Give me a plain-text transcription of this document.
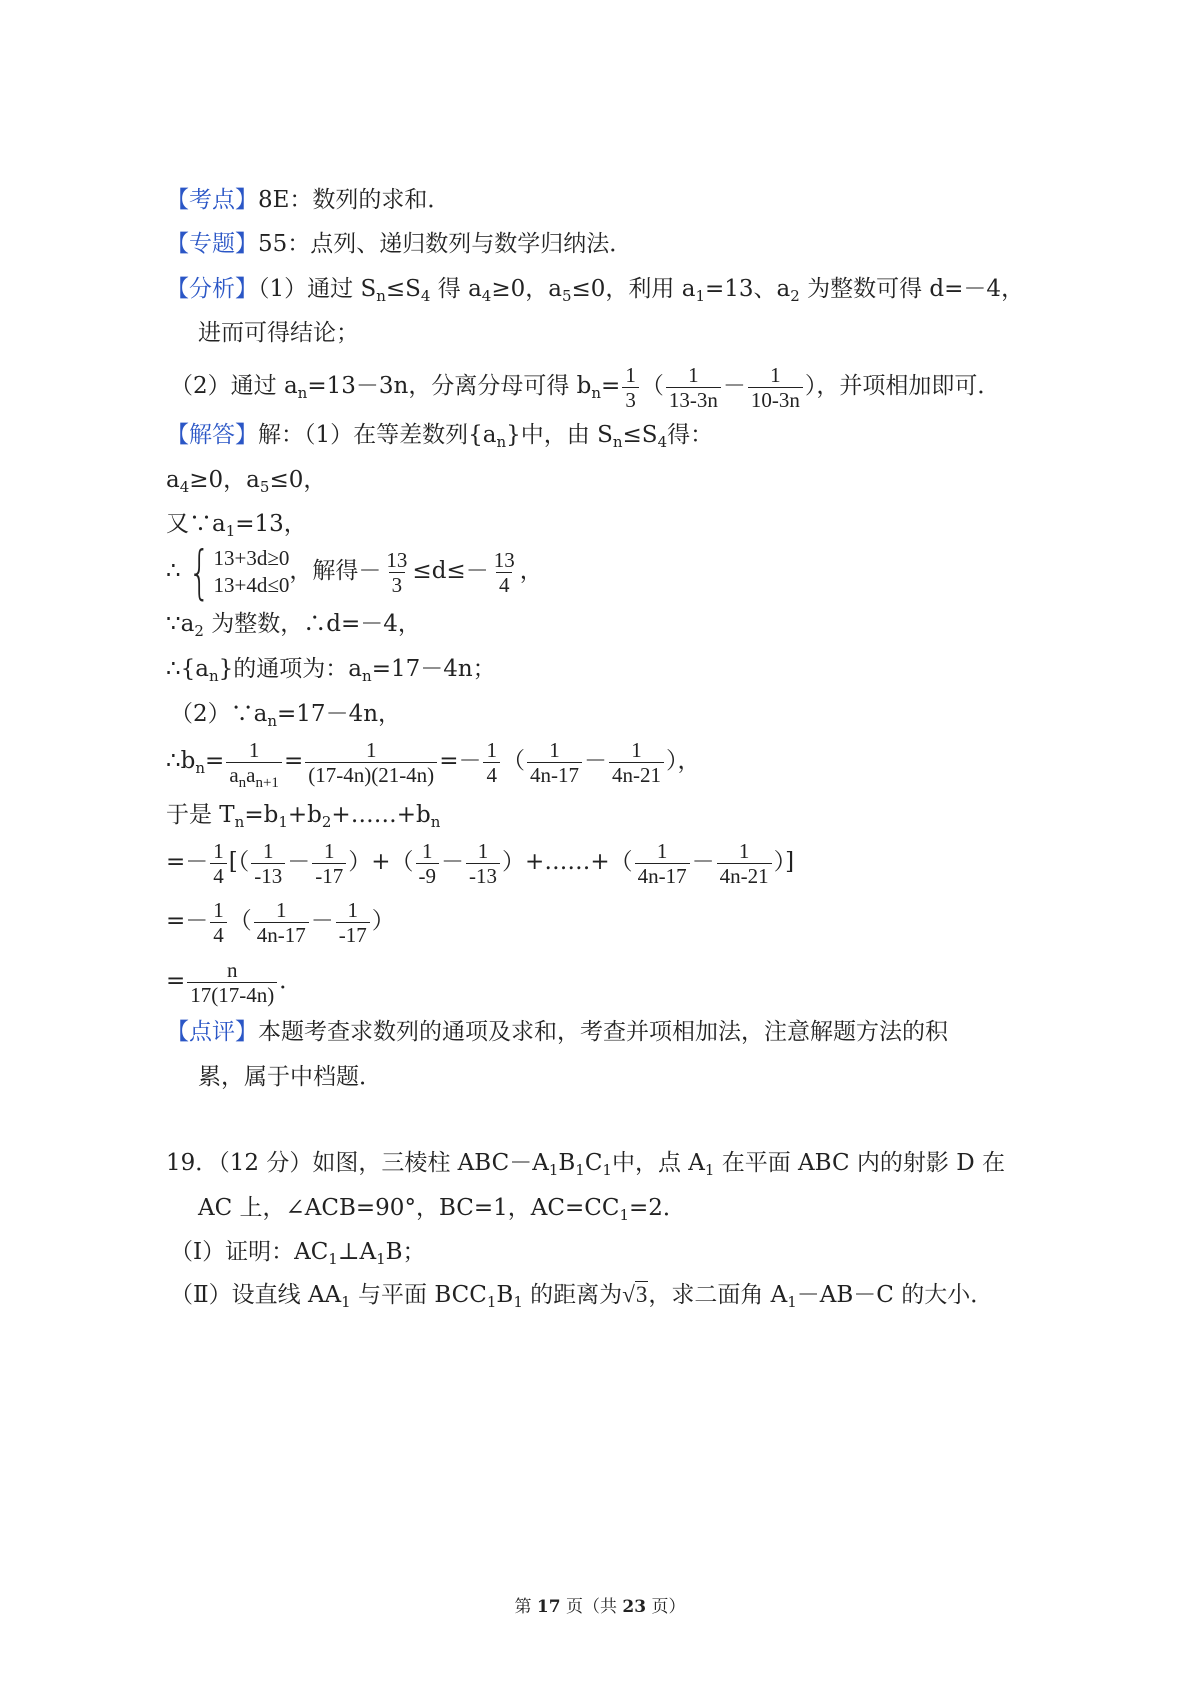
【考点】8E：数列的求和．
【专题】55：点列、递归数列与数学归纳法．
【分析】（1）通过 $S_n\le S_4$ 得 $a_4\ge 0$，$a_5\le 0$，利用 $a_1=13$、$a_2$ 为整数可得 d=－4，
进而可得结论；
（2）通过 $a_n=13-3n$，分离分母可得 $b_n= \frac{1}{3}$ （ $\frac{1}{13-3n} - \frac{1}{10-3n}$ ），并项相加即可．
【解答】解：（1）在等差数列$\{a_n\}$中，由 $S_n\le S_4$得：
$a_4\ge 0$，$a_5\le 0$，
又$\because a_1=13$，
∴ { 13+3d≥0
13+4d≤0
，解得－ $\frac{13}{3} \le d\le- \frac{13}{4}$ ，
$\because a_2$ 为整数，∴d=－4，
$\therefore\{a_n\}$的通项为：$a_n=17-4n$；
$(2)\because a_n=17-4n$，
$\therefore b_n= \frac{1}{a_na_{n+1}} = \frac{1}{(17-4n)(21-4n)} =- \frac{1}{4}$ （ $\frac{1}{4n-17} - \frac{1}{4n-21}$ ），
于是 $T_n=b_1+b_2+\dots\dots+b_n$
=－ $\frac{1}{4}$ [（ $\frac{1}{-13} - \frac{1}{-17}$ ）+（ $\frac{1}{-9} - \frac{1}{-13}$ ）+……+（ $\frac{1}{4n-17} - \frac{1}{4n-21}$ ）]
=－ $\frac{1}{4}$ （ $\frac{1}{4n-17} - \frac{1}{-17}$ ）
= $\frac{n}{17(17-4n)}$ ．
【点评】本题考查求数列的通项及求和，考查并项相加法，注意解题方法的积
累，属于中档题．
19．（12 分）如图，三棱柱 $ABC-A_1B_1C_1$中，点 $A_1$ 在平面 ABC 内的射影 D 在
AC 上，∠ACB=90°，BC=1，$AC=CC_1=2$．
（Ⅰ）证明：$AC_1\perp A_1B$；
（Ⅱ）设直线 $AA_1$ 与平面 $BCC_1B_1$ 的距离为√3，求二面角 $A_1-AB-C$ 的大小．
第 17 页（共 23 页）
